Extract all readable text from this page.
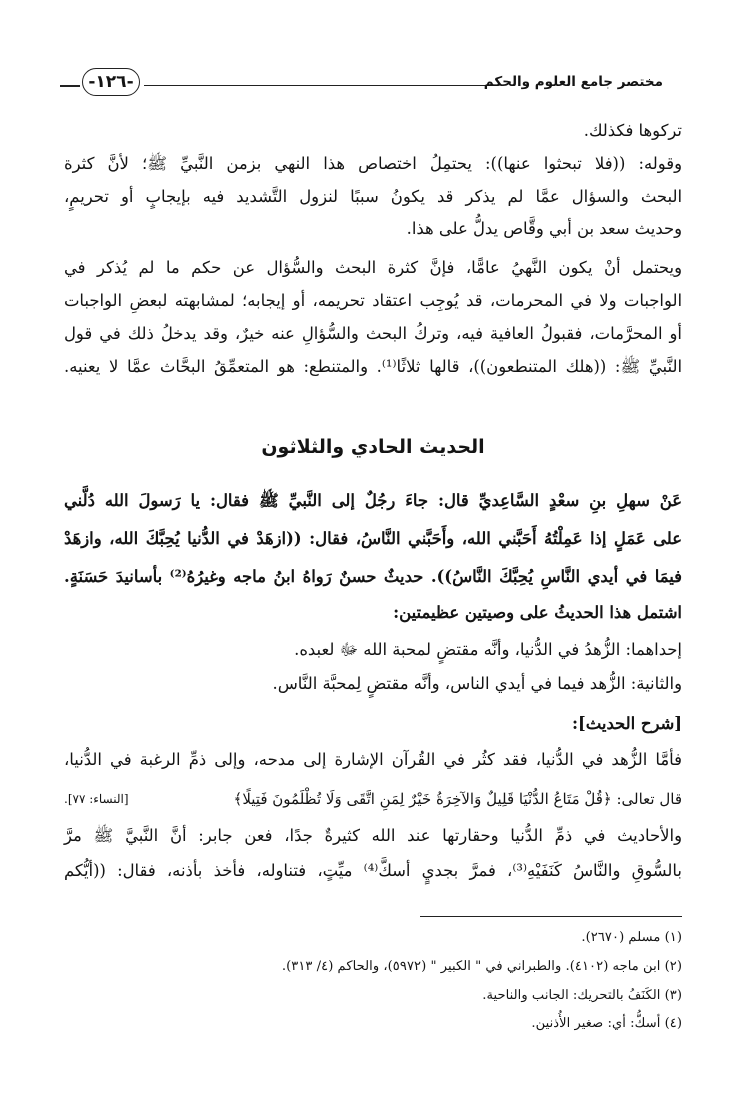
-١٢٦-	مختصر جامع العلوم والحكم
تركوها فكذلك.
وقوله: ((فلا تبحثوا عنها)): يحتمِلُ اختصاص هذا النهي بزمن النَّبيِّ ﷺ؛ لأنَّ كثرة
البحث والسؤال عمَّا لم يذكر قد يكونُ سببًا لنزول التَّشديد فيه بإيجابٍ أو تحريمٍ،
وحديث سعد بن أبي وقَّاص يدلُّ على هذا.
ويحتمل أنْ يكون النَّهيُ عامًّا، فإنَّ كثرة البحث والسُّؤال عن حكم ما لم يُذكر في
الواجبات ولا في المحرمات، قد يُوجِب اعتقاد تحريمه، أو إيجابه؛ لمشابهته لبعضِ الواجبات
أو المحرَّمات، فقبولُ العافية فيه، وتركُ البحث والسُّؤالِ عنه خيرٌ، وقد يدخلُ ذلك في قول
النَّبيِّ ﷺ: ((هلك المتنطعون))، قالها ثلاثًا⁽¹⁾. والمتنطع: هو المتعمِّقُ البحَّاث عمَّا لا يعنيه.
الحديث الحادي والثلاثون
عَنْ سهلِ بنِ سعْدٍ السَّاعِديِّ قال: جاءَ رجُلٌ إلى النَّبيِّ ﷺ فقال: يا رَسولَ الله دُلَّني
على عَمَلٍ إذا عَمِلْتُهُ أَحَبَّني الله، وأَحَبَّني النَّاسُ، فقال: ((ازهَدْ في الدُّنيا يُحِبَّكَ الله، وازهَدْ
فيمَا في أيدي النَّاسِ يُحِبَّكَ النَّاسُ)). حديثٌ حسنٌ رَواهُ ابنُ ماجه وغيرُهُ⁽²⁾ بأسانيدَ حَسَنَةٍ.
اشتمل هذا الحديثُ على وصيتين عظيمتين:
إحداهما: الزُّهدُ في الدُّنيا، وأنَّه مقتضٍ لمحبة الله ﷻ لعبده.
والثانية: الزُّهد فيما في أيدي الناس، وأنَّه مقتضٍ لِمحبَّة النَّاس.
[شرح الحديث]:
فأمَّا الزُّهد في الدُّنيا، فقد كثُر في القُرآن الإشارة إلى مدحه، وإلى ذمِّ الرغبة في الدُّنيا،
قال تعالى: ﴿قُلْ مَتَاعُ الدُّنْيَا قَلِيلٌ وَالآخِرَةُ خَيْرٌ لِمَنِ اتَّقَى وَلَا تُظْلَمُونَ فَتِيلًا﴾
[النساء: ٧٧].
والأحاديث في ذمِّ الدُّنيا وحقارتها عند الله كثيرةٌ جدًا، فعن جابر: أنَّ النَّبيَّ ﷺ مرَّ
بالسُّوقِ والنَّاسُ كَنَفَيْهِ⁽³⁾، فمرَّ بجديٍ أسكَّ⁽⁴⁾ ميِّتٍ، فتناوله، فأخذ بأذنه، فقال: ((أيُّكم
(١) مسلم (٢٦٧٠).
(٢) ابن ماجه (٤١٠٢). والطبراني في " الكبير " (٥٩٧٢)، والحاكم (٤/ ٣١٣).
(٣) الكَنَفُ بالتحريك: الجانب والناحية.
(٤) أسكُّ: أي: صغير الأُذنين.
